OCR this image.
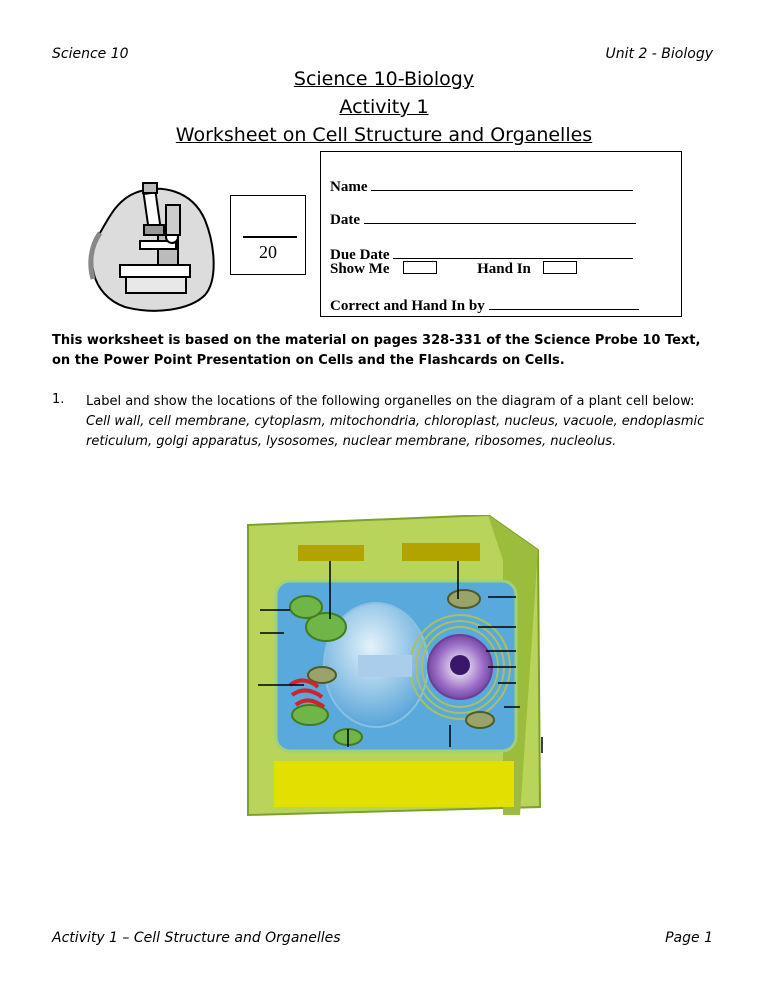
Science 10	Unit 2 - Biology
Science 10-Biology
Activity 1
Worksheet on Cell Structure and Organelles
20
Name
Date
Due Date
Show Me	Hand In
Correct and Hand In by
This worksheet is based on the material on pages 328-331 of the Science Probe 10 Text, on the Power Point Presentation on Cells and the Flashcards on Cells.
1. Label and show the locations of the following organelles on the diagram of a plant cell below:
Cell wall, cell membrane, cytoplasm, mitochondria, chloroplast, nucleus, vacuole, endoplasmic reticulum, golgi apparatus, lysosomes, nuclear membrane, ribosomes, nucleolus.
Activity 1 – Cell Structure and Organelles	Page 1
